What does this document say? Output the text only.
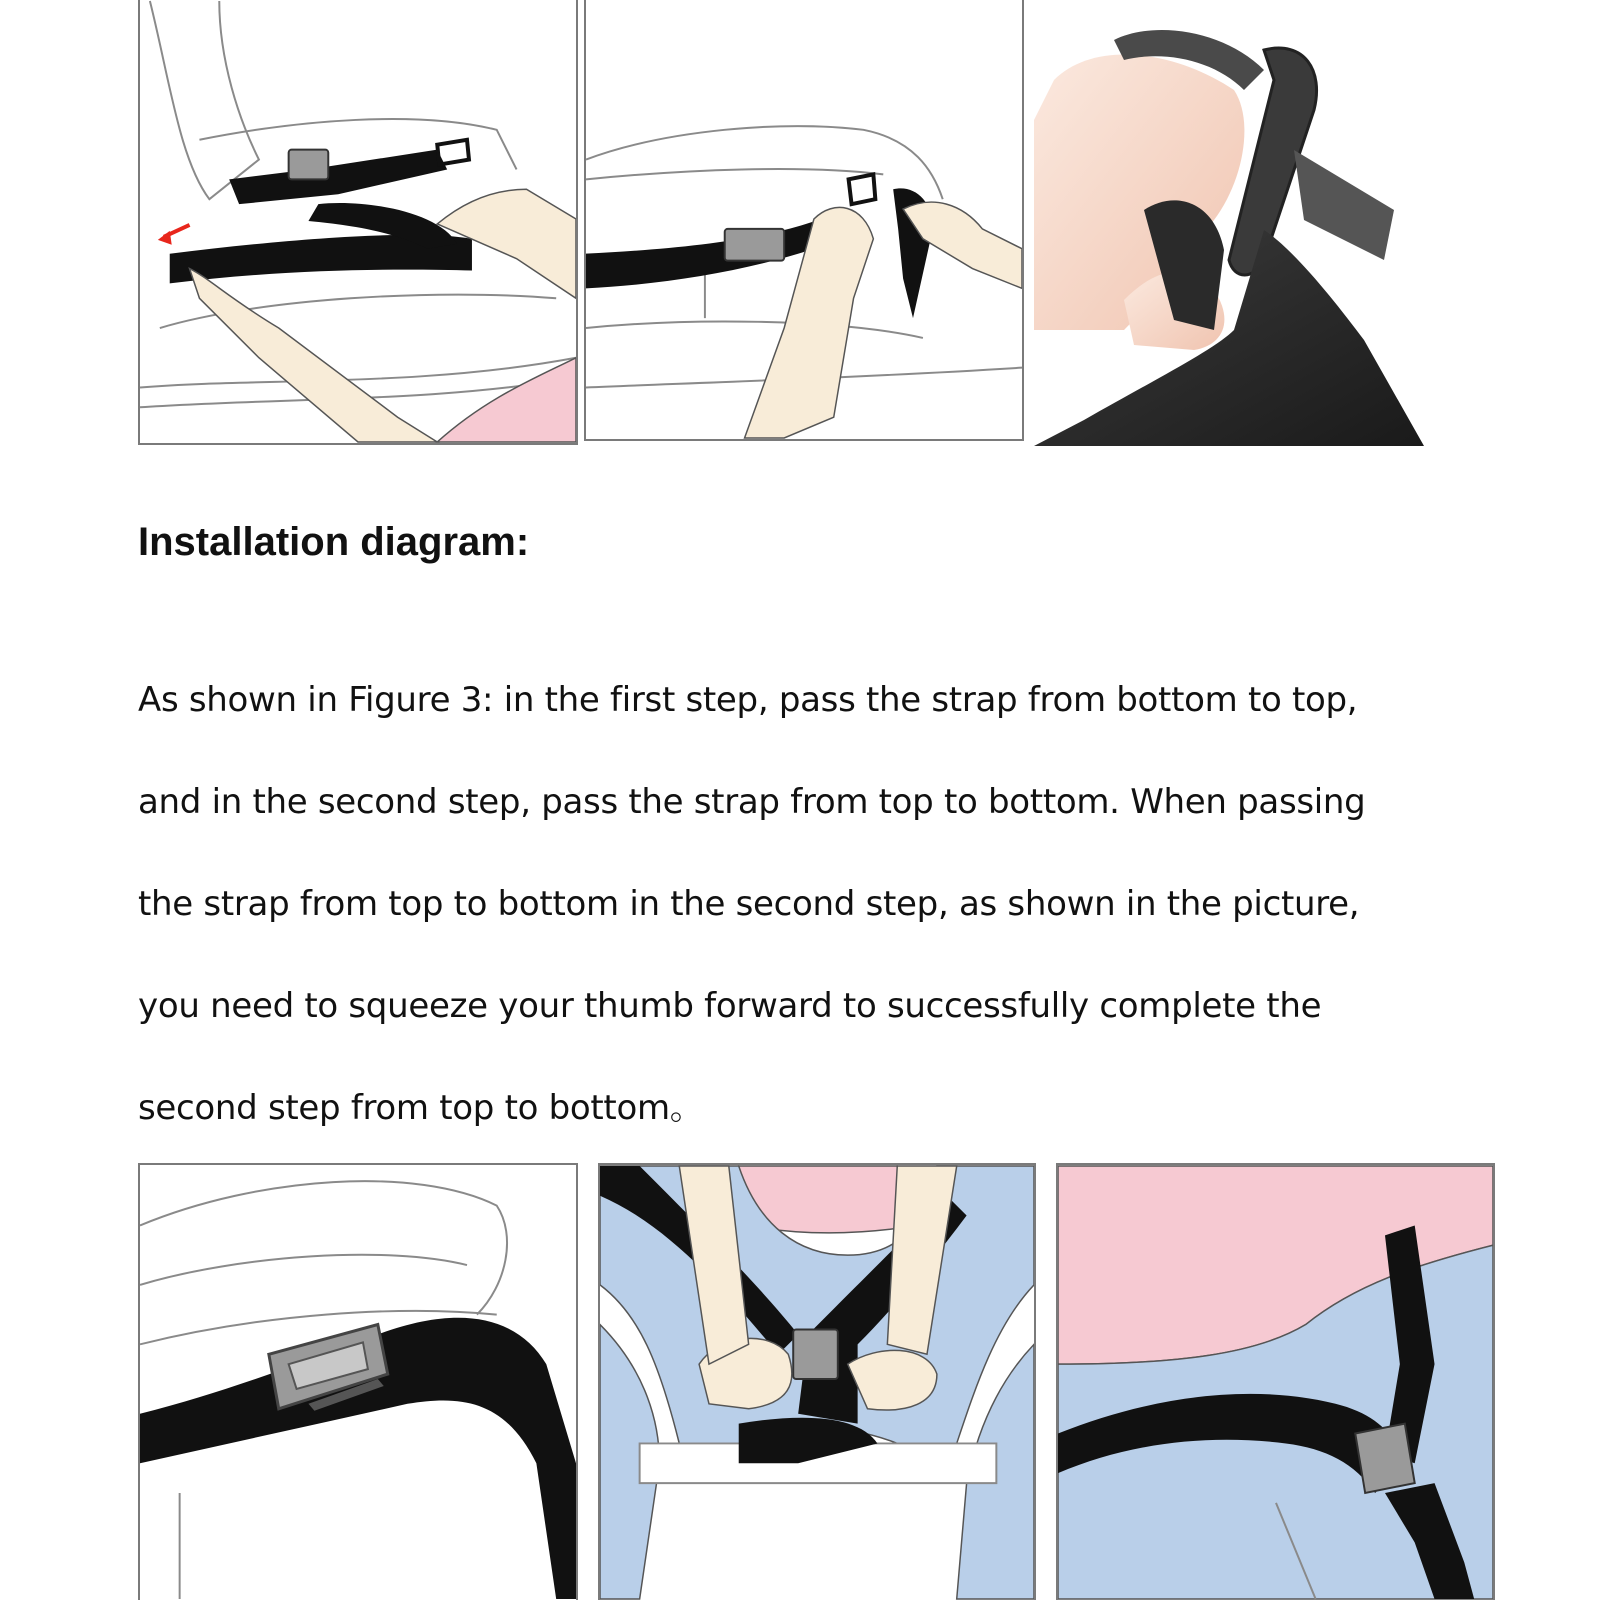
Installation diagram:
As shown in Figure 3: in the first step, pass the strap from bottom to top,
and in the second step, pass the strap from top to bottom. When passing
the strap from top to bottom in the second step, as shown in the picture,
you need to squeeze your thumb forward to successfully complete the
second step from top to bottom。
